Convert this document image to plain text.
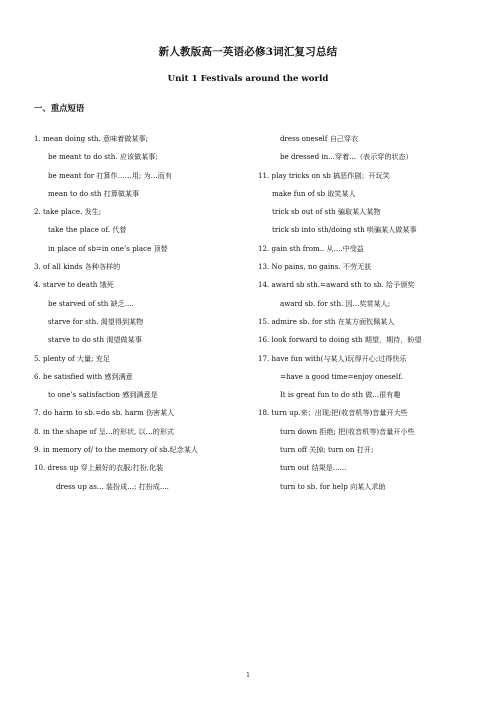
新人教版高一英语必修3词汇复习总结
Unit 1 Festivals around the world
一、重点短语
1. mean doing sth. 意味着做某事;
be meant to do sth. 应该做某事;
be meant for 打算作……用; 为…而有
mean to do sth 打算做某事
2. take place. 发生;
take the place of. 代替
in place of sb=in one’s place 顶替
3. of all kinds 各种各样的
4. starve to death 饿死
be starved of sth 缺乏....
starve for sth. 渴望得到某物
starve to do sth 渴望做某事
5. plenty of 大量; 充足
6. be satisfied with 感到满意
to one’s satisfaction 感到满意是
7. do harm to sb.=do sb. harm 伤害某人
8. in the shape of 呈…的形状, 以…的形式
9. in memory of/ to the memory of sb.纪念某人
10. dress up 穿上最好的衣服;打扮,化装
dress up as... 装扮成...; 打扮成....
dress oneself 自己穿衣
be dressed in...穿着...（表示穿的状态）
11. play tricks on sb 搞恶作剧；开玩笑
make fun of sb 取笑某人
trick sb out of sth 骗取某人某物
trick sb into sth/doing sth 哄骗某人做某事
12. gain sth from.. 从....中受益
13. No pains, no gains. 不劳无获
14. award sb sth.=award sth to sb. 给予颁奖
award sb. for sth. 因...奖赏某人;
15. admire sb. for sth 在某方面钦佩某人
16. look forward to doing sth 期望，期待，盼望
17. have fun with(与某人)玩得开心;过得快乐
=have a good time=enjoy oneself.
It is great fun to do sth 做...很有趣
18. turn up.来；出现;把(收音机等)音量开大些
turn down 拒绝; 把(收音机等)音量开小些
turn off 关掉; turn on 打开;
turn out 结果是......
turn to sb. for help 向某人求助
1
